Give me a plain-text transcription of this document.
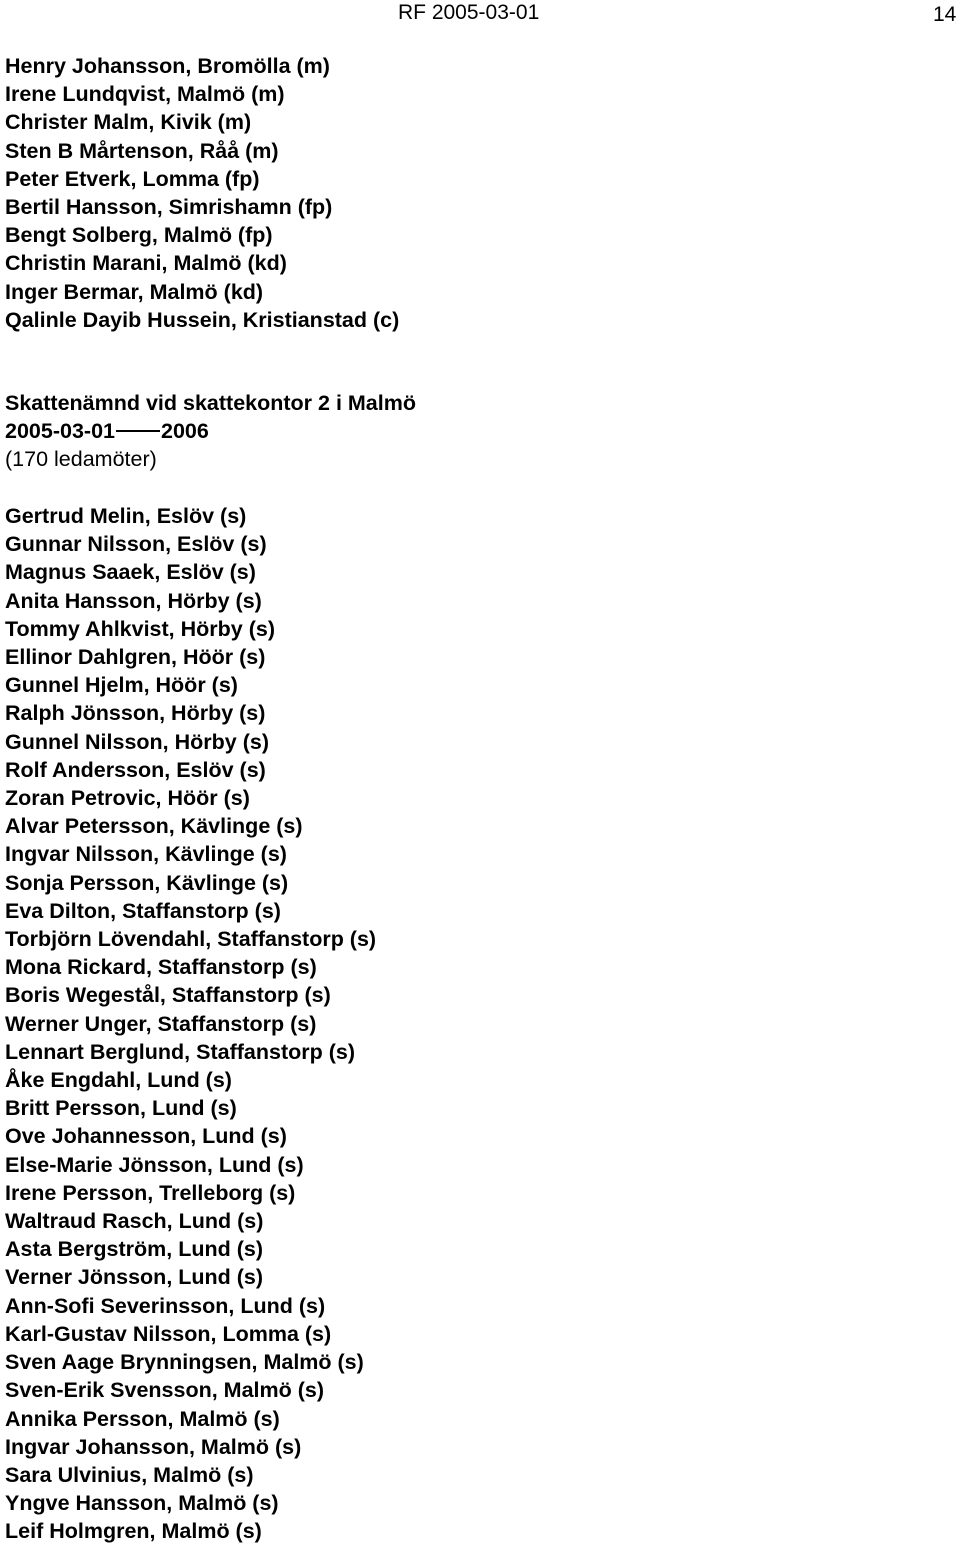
RF 2005-03-01	14
Henry Johansson, Bromölla (m)
Irene Lundqvist, Malmö (m)
Christer Malm, Kivik (m)
Sten B Mårtenson, Råå (m)
Peter Etverk, Lomma (fp)
Bertil Hansson, Simrishamn (fp)
Bengt Solberg, Malmö (fp)
Christin Marani, Malmö (kd)
Inger Bermar, Malmö (kd)
Qalinle Dayib Hussein, Kristianstad (c)
Skattenämnd vid skattekontor 2 i Malmö
2005-03-01 2006
(170 ledamöter)
Gertrud Melin, Eslöv (s)
Gunnar Nilsson, Eslöv (s)
Magnus Saaek, Eslöv (s)
Anita Hansson, Hörby (s)
Tommy Ahlkvist, Hörby (s)
Ellinor Dahlgren, Höör (s)
Gunnel Hjelm, Höör (s)
Ralph Jönsson, Hörby (s)
Gunnel Nilsson, Hörby (s)
Rolf Andersson, Eslöv (s)
Zoran Petrovic, Höör (s)
Alvar Petersson, Kävlinge (s)
Ingvar Nilsson, Kävlinge (s)
Sonja Persson, Kävlinge (s)
Eva Dilton, Staffanstorp (s)
Torbjörn Lövendahl, Staffanstorp (s)
Mona Rickard, Staffanstorp (s)
Boris Wegestål, Staffanstorp (s)
Werner Unger, Staffanstorp (s)
Lennart Berglund, Staffanstorp (s)
Åke Engdahl, Lund (s)
Britt Persson, Lund (s)
Ove Johannesson, Lund (s)
Else-Marie Jönsson, Lund (s)
Irene Persson, Trelleborg (s)
Waltraud Rasch, Lund (s)
Asta Bergström, Lund (s)
Verner Jönsson, Lund (s)
Ann-Sofi Severinsson, Lund (s)
Karl-Gustav Nilsson, Lomma (s)
Sven Aage Brynningsen, Malmö (s)
Sven-Erik Svensson, Malmö (s)
Annika Persson, Malmö (s)
Ingvar Johansson, Malmö (s)
Sara Ulvinius, Malmö (s)
Yngve Hansson, Malmö (s)
Leif Holmgren, Malmö (s)
